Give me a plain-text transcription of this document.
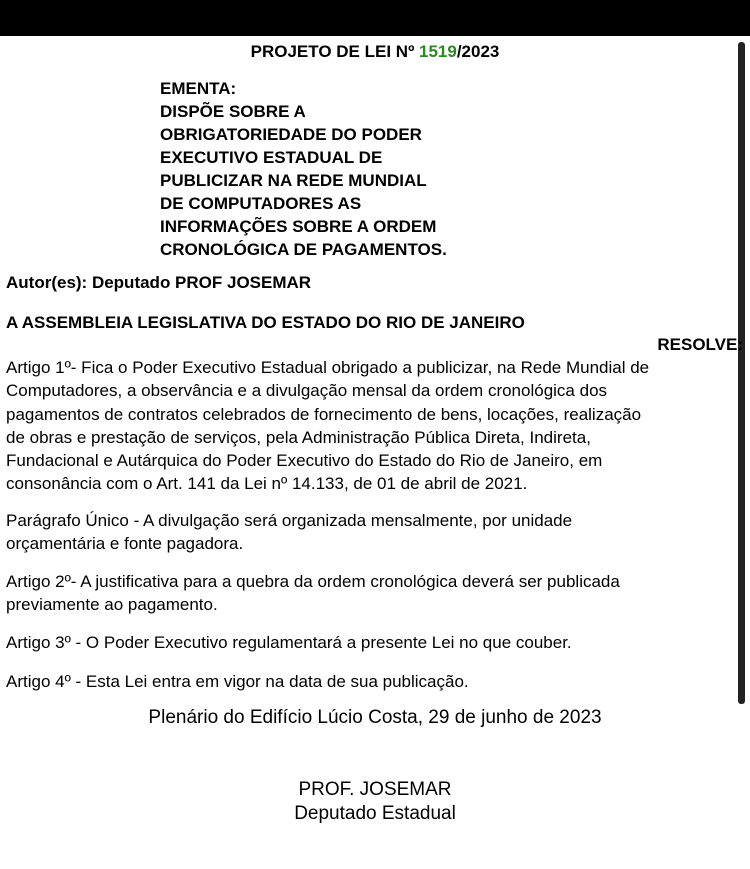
PROJETO DE LEI Nº 1519/2023
EMENTA:
DISPÕE SOBRE A
OBRIGATORIEDADE DO PODER
EXECUTIVO ESTADUAL DE
PUBLICIZAR NA REDE MUNDIAL
DE COMPUTADORES AS
INFORMAÇÕES SOBRE A ORDEM
CRONOLÓGICA DE PAGAMENTOS.
Autor(es): Deputado PROF JOSEMAR
A ASSEMBLEIA LEGISLATIVA DO ESTADO DO RIO DE JANEIRO
RESOLVE:
Artigo 1º- Fica o Poder Executivo Estadual obrigado a publicizar, na Rede Mundial de
Computadores, a observância e a divulgação mensal da ordem cronológica dos
pagamentos de contratos celebrados de fornecimento de bens, locações, realização
de obras e prestação de serviços, pela Administração Pública Direta, Indireta,
Fundacional e Autárquica do Poder Executivo do Estado do Rio de Janeiro, em
consonância com o Art. 141 da Lei nº 14.133, de 01 de abril de 2021.
Parágrafo Único - A divulgação será organizada mensalmente, por unidade
orçamentária e fonte pagadora.
Artigo 2º- A justificativa para a quebra da ordem cronológica deverá ser publicada
previamente ao pagamento.
Artigo 3º - O Poder Executivo regulamentará a presente Lei no que couber.
Artigo 4º - Esta Lei entra em vigor na data de sua publicação.
Plenário do Edifício Lúcio Costa, 29 de junho de 2023
PROF. JOSEMAR
Deputado Estadual
